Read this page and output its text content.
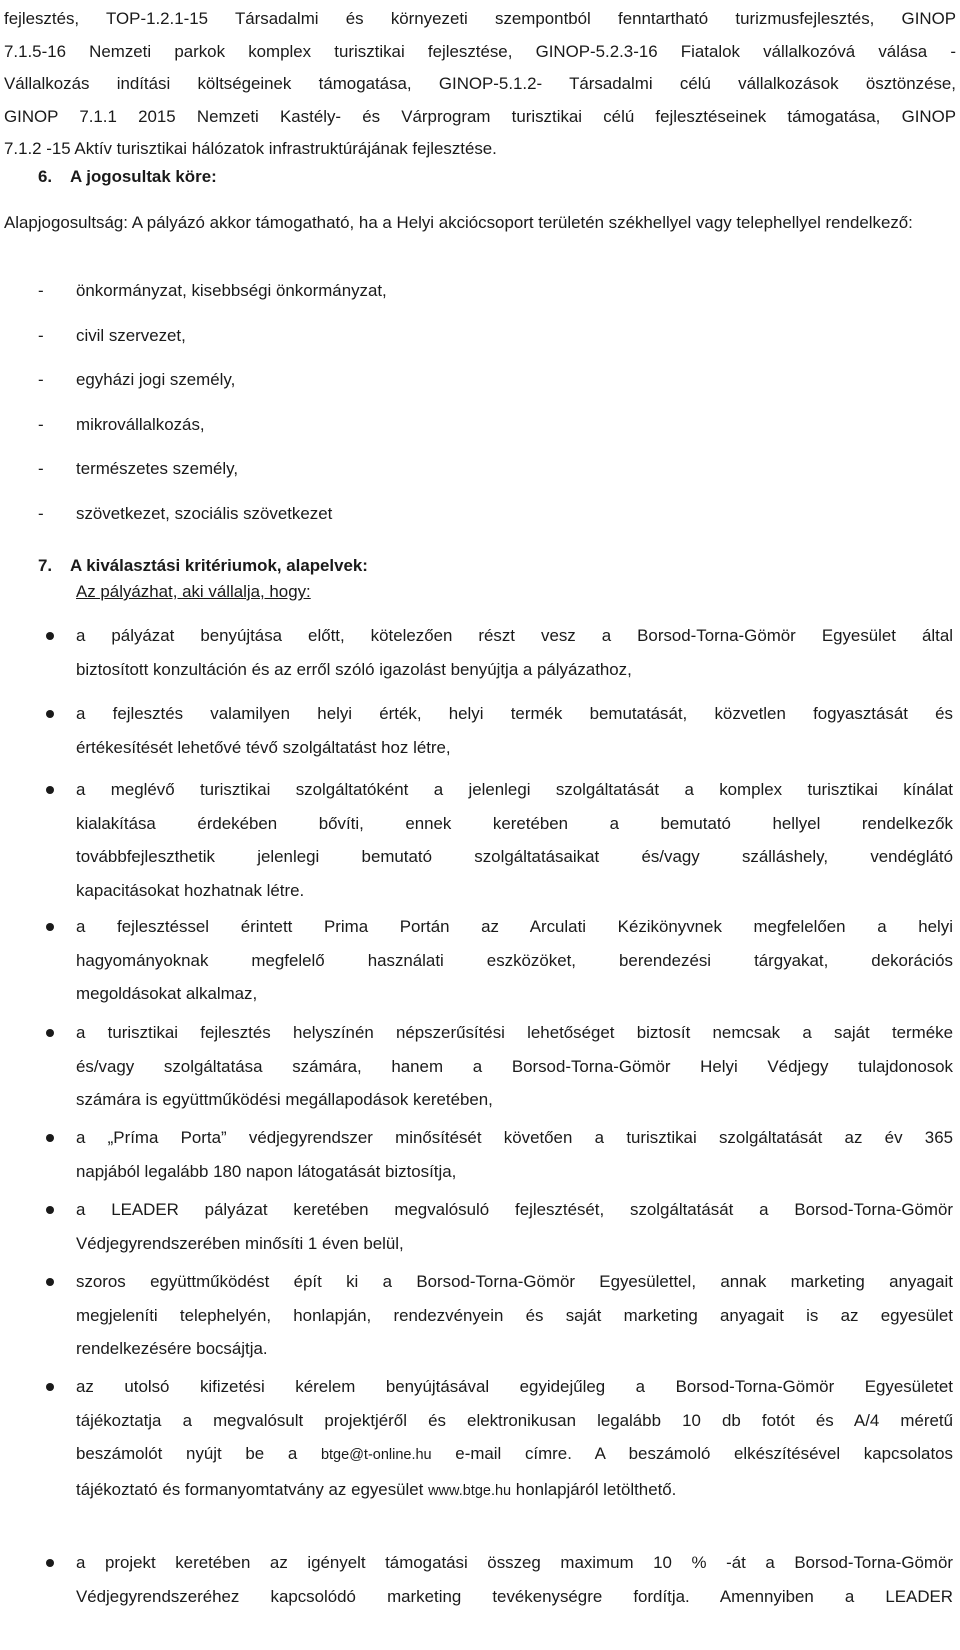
fejlesztés, TOP-1.2.1-15 Társadalmi és környezeti szempontból fenntartható turizmusfejlesztés, GINOP
7.1.5-16 Nemzeti parkok komplex turisztikai fejlesztése, GINOP-5.2.3-16 Fiatalok vállalkozóvá válása -
Vállalkozás indítási költségeinek támogatása, GINOP-5.1.2- Társadalmi célú vállalkozások ösztönzése,
GINOP 7.1.1 2015 Nemzeti Kastély- és Várprogram turisztikai célú fejlesztéseinek támogatása, GINOP
7.1.2 -15 Aktív turisztikai hálózatok infrastruktúrájának fejlesztése.
6. A jogosultak köre:
Alapjogosultság: A pályázó akkor támogatható, ha a Helyi akciócsoport területén székhellyel vagy telephellyel rendelkező:
- önkormányzat, kisebbségi önkormányzat,
- civil szervezet,
- egyházi jogi személy,
- mikrovállalkozás,
- természetes személy,
- szövetkezet, szociális szövetkezet
7. A kiválasztási kritériumok, alapelvek:
Az pályázhat, aki vállalja, hogy:
a pályázat benyújtása előtt, kötelezően részt vesz a Borsod-Torna-Gömör Egyesület által
biztosított konzultáción és az erről szóló igazolást benyújtja a pályázathoz,
a fejlesztés valamilyen helyi érték, helyi termék bemutatását, közvetlen fogyasztását és
értékesítését lehetővé tévő szolgáltatást hoz létre,
a meglévő turisztikai szolgáltatóként a jelenlegi szolgáltatását a komplex turisztikai kínálat
kialakítása érdekében bővíti, ennek keretében a bemutató hellyel rendelkezők
továbbfejleszthetik jelenlegi bemutató szolgáltatásaikat és/vagy szálláshely, vendéglátó
kapacitásokat hozhatnak létre.
a fejlesztéssel érintett Prima Portán az Arculati Kézikönyvnek megfelelően a helyi
hagyományoknak megfelelő használati eszközöket, berendezési tárgyakat, dekorációs
megoldásokat alkalmaz,
a turisztikai fejlesztés helyszínén népszerűsítési lehetőséget biztosít nemcsak a saját terméke
és/vagy szolgáltatása számára, hanem a Borsod-Torna-Gömör Helyi Védjegy tulajdonosok
számára is együttműködési megállapodások keretében,
a „Príma Porta” védjegyrendszer minősítését követően a turisztikai szolgáltatását az év 365
napjából legalább 180 napon látogatását biztosítja,
a LEADER pályázat keretében megvalósuló fejlesztését, szolgáltatását a Borsod-Torna-Gömör
Védjegyrendszerében minősíti 1 éven belül,
szoros együttműködést épít ki a Borsod-Torna-Gömör Egyesülettel, annak marketing anyagait
megjeleníti telephelyén, honlapján, rendezvényein és saját marketing anyagait is az egyesület
rendelkezésére bocsájtja.
az utolsó kifizetési kérelem benyújtásával egyidejűleg a Borsod-Torna-Gömör Egyesületet
tájékoztatja a megvalósult projektjéről és elektronikusan legalább 10 db fotót és A/4 méretű
beszámolót nyújt be a btge@t-online.hu e-mail címre. A beszámoló elkészítésével kapcsolatos
tájékoztató és formanyomtatvány az egyesület www.btge.hu honlapjáról letölthető.
a projekt keretében az igényelt támogatási összeg maximum 10 % -át a Borsod-Torna-Gömör
Védjegyrendszeréhez kapcsolódó marketing tevékenységre fordítja. Amennyiben a LEADER
